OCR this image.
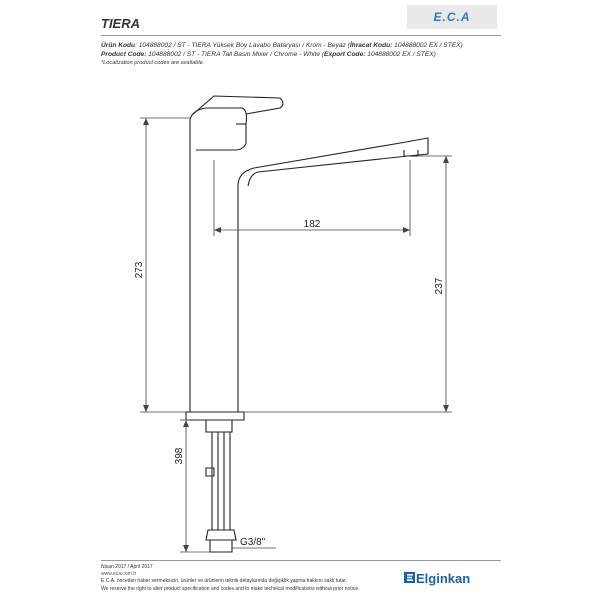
TIERA	E.C.A
Ürün Kodu: 104888002 / ST - TIERA Yüksek Boy Lavabo Bataryası / Krom - Beyaz (İhracat Kodu: 104888002 EX / STEX)
Product Code: 104888002 / ST - TIERA Tall Basin Mixer / Chrome - White (Export Code: 104888002 EX / STEX)
*Localization product codes are available.
273
182
237
398
G3/8"
Nisan 2017 / April 2017
www.eca.com.tr
E.C.A. önceden haber vermeksizin, ürünler ve ürünlerin teknik detaylarında değişiklik yapma hakkını saklı tutar.
We reserve the right to alter product specification and codes and to make technical modifications without prior notice.
Elginkan
